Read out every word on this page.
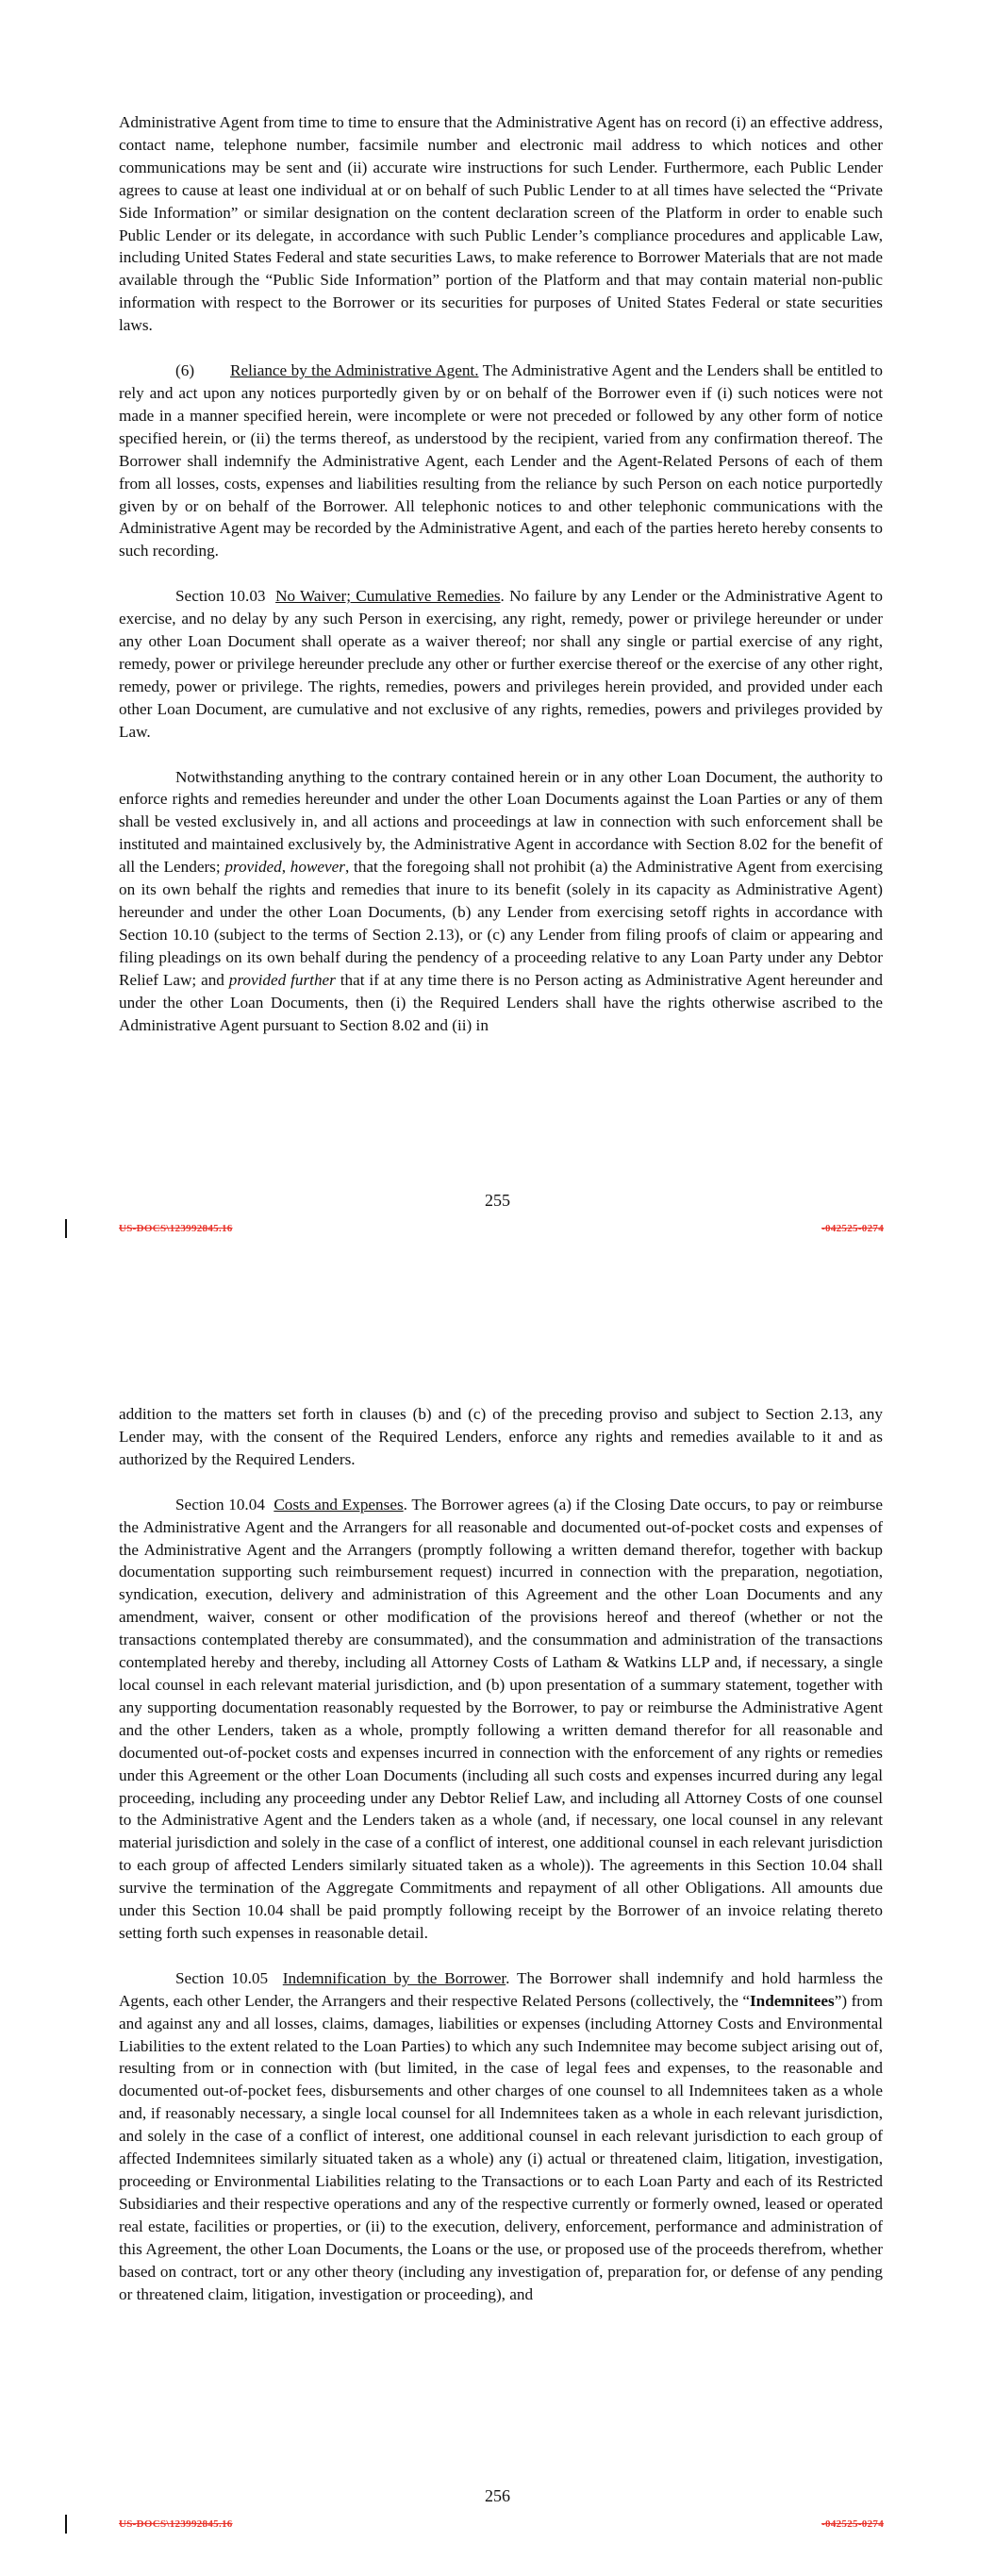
Administrative Agent from time to time to ensure that the Administrative Agent has on record (i) an effective address, contact name, telephone number, facsimile number and electronic mail address to which notices and other communications may be sent and (ii) accurate wire instructions for such Lender. Furthermore, each Public Lender agrees to cause at least one individual at or on behalf of such Public Lender to at all times have selected the “Private Side Information” or similar designation on the content declaration screen of the Platform in order to enable such Public Lender or its delegate, in accordance with such Public Lender’s compliance procedures and applicable Law, including United States Federal and state securities Laws, to make reference to Borrower Materials that are not made available through the “Public Side Information” portion of the Platform and that may contain material non-public information with respect to the Borrower or its securities for purposes of United States Federal or state securities laws.

(6) Reliance by the Administrative Agent. The Administrative Agent and the Lenders shall be entitled to rely and act upon any notices purportedly given by or on behalf of the Borrower even if (i) such notices were not made in a manner specified herein, were incomplete or were not preceded or followed by any other form of notice specified herein, or (ii) the terms thereof, as understood by the recipient, varied from any confirmation thereof. The Borrower shall indemnify the Administrative Agent, each Lender and the Agent-Related Persons of each of them from all losses, costs, expenses and liabilities resulting from the reliance by such Person on each notice purportedly given by or on behalf of the Borrower. All telephonic notices to and other telephonic communications with the Administrative Agent may be recorded by the Administrative Agent, and each of the parties hereto hereby consents to such recording.

Section 10.03 No Waiver; Cumulative Remedies. No failure by any Lender or the Administrative Agent to exercise, and no delay by any such Person in exercising, any right, remedy, power or privilege hereunder or under any other Loan Document shall operate as a waiver thereof; nor shall any single or partial exercise of any right, remedy, power or privilege hereunder preclude any other or further exercise thereof or the exercise of any other right, remedy, power or privilege. The rights, remedies, powers and privileges herein provided, and provided under each other Loan Document, are cumulative and not exclusive of any rights, remedies, powers and privileges provided by Law.

Notwithstanding anything to the contrary contained herein or in any other Loan Document, the authority to enforce rights and remedies hereunder and under the other Loan Documents against the Loan Parties or any of them shall be vested exclusively in, and all actions and proceedings at law in connection with such enforcement shall be instituted and maintained exclusively by, the Administrative Agent in accordance with Section 8.02 for the benefit of all the Lenders; provided, however, that the foregoing shall not prohibit (a) the Administrative Agent from exercising on its own behalf the rights and remedies that inure to its benefit (solely in its capacity as Administrative Agent) hereunder and under the other Loan Documents, (b) any Lender from exercising setoff rights in accordance with Section 10.10 (subject to the terms of Section 2.13), or (c) any Lender from filing proofs of claim or appearing and filing pleadings on its own behalf during the pendency of a proceeding relative to any Loan Party under any Debtor Relief Law; and provided further that if at any time there is no Person acting as Administrative Agent hereunder and under the other Loan Documents, then (i) the Required Lenders shall have the rights otherwise ascribed to the Administrative Agent pursuant to Section 8.02 and (ii) in

255
US-DOCS\123992845.16	-042525-0274

addition to the matters set forth in clauses (b) and (c) of the preceding proviso and subject to Section 2.13, any Lender may, with the consent of the Required Lenders, enforce any rights and remedies available to it and as authorized by the Required Lenders.

Section 10.04 Costs and Expenses. The Borrower agrees (a) if the Closing Date occurs, to pay or reimburse the Administrative Agent and the Arrangers for all reasonable and documented out-of-pocket costs and expenses of the Administrative Agent and the Arrangers (promptly following a written demand therefor, together with backup documentation supporting such reimbursement request) incurred in connection with the preparation, negotiation, syndication, execution, delivery and administration of this Agreement and the other Loan Documents and any amendment, waiver, consent or other modification of the provisions hereof and thereof (whether or not the transactions contemplated thereby are consummated), and the consummation and administration of the transactions contemplated hereby and thereby, including all Attorney Costs of Latham & Watkins LLP and, if necessary, a single local counsel in each relevant material jurisdiction, and (b) upon presentation of a summary statement, together with any supporting documentation reasonably requested by the Borrower, to pay or reimburse the Administrative Agent and the other Lenders, taken as a whole, promptly following a written demand therefor for all reasonable and documented out-of-pocket costs and expenses incurred in connection with the enforcement of any rights or remedies under this Agreement or the other Loan Documents (including all such costs and expenses incurred during any legal proceeding, including any proceeding under any Debtor Relief Law, and including all Attorney Costs of one counsel to the Administrative Agent and the Lenders taken as a whole (and, if necessary, one local counsel in any relevant material jurisdiction and solely in the case of a conflict of interest, one additional counsel in each relevant jurisdiction to each group of affected Lenders similarly situated taken as a whole)). The agreements in this Section 10.04 shall survive the termination of the Aggregate Commitments and repayment of all other Obligations. All amounts due under this Section 10.04 shall be paid promptly following receipt by the Borrower of an invoice relating thereto setting forth such expenses in reasonable detail.

Section 10.05 Indemnification by the Borrower. The Borrower shall indemnify and hold harmless the Agents, each other Lender, the Arrangers and their respective Related Persons (collectively, the “Indemnitees”) from and against any and all losses, claims, damages, liabilities or expenses (including Attorney Costs and Environmental Liabilities to the extent related to the Loan Parties) to which any such Indemnitee may become subject arising out of, resulting from or in connection with (but limited, in the case of legal fees and expenses, to the reasonable and documented out-of-pocket fees, disbursements and other charges of one counsel to all Indemnitees taken as a whole and, if reasonably necessary, a single local counsel for all Indemnitees taken as a whole in each relevant jurisdiction, and solely in the case of a conflict of interest, one additional counsel in each relevant jurisdiction to each group of affected Indemnitees similarly situated taken as a whole) any (i) actual or threatened claim, litigation, investigation, proceeding or Environmental Liabilities relating to the Transactions or to each Loan Party and each of its Restricted Subsidiaries and their respective operations and any of the respective currently or formerly owned, leased or operated real estate, facilities or properties, or (ii) to the execution, delivery, enforcement, performance and administration of this Agreement, the other Loan Documents, the Loans or the use, or proposed use of the proceeds therefrom, whether based on contract, tort or any other theory (including any investigation of, preparation for, or defense of any pending or threatened claim, litigation, investigation or proceeding), and

256
US-DOCS\123992845.16	-042525-0274
